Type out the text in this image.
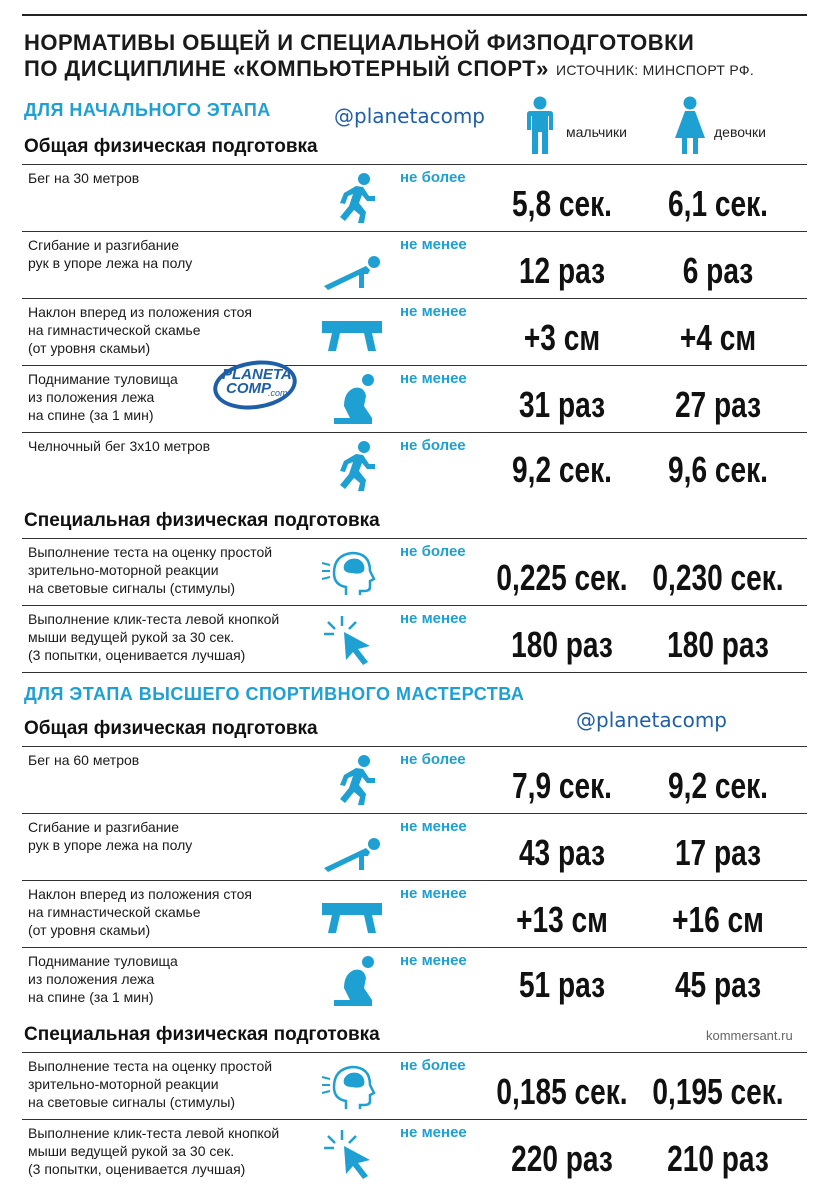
НОРМАТИВЫ ОБЩЕЙ И СПЕЦИАЛЬНОЙ ФИЗПОДГОТОВКИ
ПО ДИСЦИПЛИНЕ «КОМПЬЮТЕРНЫЙ СПОРТ» ИСТОЧНИК: МИНСПОРТ РФ.
ДЛЯ НАЧАЛЬНОГО ЭТАПА	@planetacomp
мальчики	девочки
Общая физическая подготовка
Бег на 30 метров	не более
5,8 сек.	6,1 сек.
Сгибание и разгибание
рук в упоре лежа на полу
не менее
12 раз	6 раз
Наклон вперед из положения стоя
на гимнастической скамье
(от уровня скамьи)
не менее
+3 см	+4 см
Поднимание туловища
из положения лежа
на спине (за 1 мин)
не менее
31 раз	27 раз
Челночный бег 3х10 метров	не более
9,2 сек.	9,6 сек.
PLANETA
COMP
.com
Специальная физическая подготовка
Выполнение теста на оценку простой
зрительно-моторной реакции
на световые сигналы (стимулы)
не более
0,225 сек. 0,230 сек.
Выполнение клик-теста левой кнопкой
мыши ведущей рукой за 30 сек.
(3 попытки, оценивается лучшая)
не менее
180 раз	180 раз
ДЛЯ ЭТАПА ВЫСШЕГО СПОРТИВНОГО МАСТЕРСТВА
@planetacomp
Общая физическая подготовка
Бег на 60 метров	не более
7,9 сек.	9,2 сек.
Сгибание и разгибание
рук в упоре лежа на полу
не менее
43 раз	17 раз
Наклон вперед из положения стоя
на гимнастической скамье
(от уровня скамьи)
не менее
+13 см	+16 см
Поднимание туловища
из положения лежа
на спине (за 1 мин)
не менее
51 раз	45 раз
Специальная физическая подготовка	kommersant.ru
Выполнение теста на оценку простой
зрительно-моторной реакции
на световые сигналы (стимулы)
не более
0,185 сек. 0,195 сек.
Выполнение клик-теста левой кнопкой
мыши ведущей рукой за 30 сек.
(3 попытки, оценивается лучшая)
не менее
220 раз	210 раз
